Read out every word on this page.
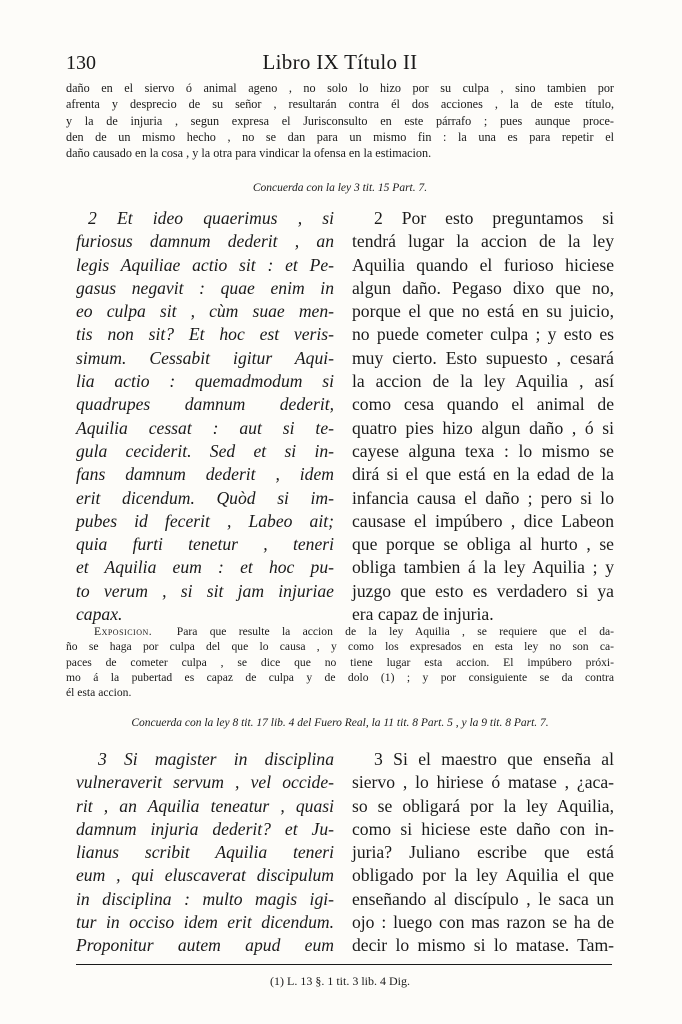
130	Libro IX Título II
daño en el siervo ó animal ageno , no solo lo hizo por su culpa , sino tambien por
afrenta y desprecio de su señor , resultarán contra él dos acciones , la de este título,
y la de injuria , segun expresa el Jurisconsulto en este párrafo ; pues aunque proce-
den de un mismo hecho , no se dan para un mismo fin : la una es para repetir el
daño causado en la cosa , y la otra para vindicar la ofensa en la estimacion.
Concuerda con la ley 3 tit. 15 Part. 7.
2 Et ideo quaerimus , si
furiosus damnum dederit , an
legis Aquiliae actio sit : et Pe-
gasus negavit : quae enim in
eo culpa sit , cùm suae men-
tis non sit? Et hoc est veris-
simum. Cessabit igitur Aqui-
lia actio : quemadmodum si
quadrupes damnum dederit,
Aquilia cessat : aut si te-
gula ceciderit. Sed et si in-
fans damnum dederit , idem
erit dicendum. Quòd si im-
pubes id fecerit , Labeo ait;
quia furti tenetur , teneri
et Aquilia eum : et hoc pu-
to verum , si sit jam injuriae
capax.
2 Por esto preguntamos si
tendrá lugar la accion de la ley
Aquilia quando el furioso hiciese
algun daño. Pegaso dixo que no,
porque el que no está en su juicio,
no puede cometer culpa ; y esto es
muy cierto. Esto supuesto , cesará
la accion de la ley Aquilia , así
como cesa quando el animal de
quatro pies hizo algun daño , ó si
cayese alguna texa : lo mismo se
dirá si el que está en la edad de la
infancia causa el daño ; pero si lo
causase el impúbero , dice Labeon
que porque se obliga al hurto , se
obliga tambien á la ley Aquilia ; y
juzgo que esto es verdadero si ya
era capaz de injuria.
Exposicion. Para que resulte la accion de la ley Aquilia , se requiere que el da-
ño se haga por culpa del que lo causa , y como los expresados en esta ley no son ca-
paces de cometer culpa , se dice que no tiene lugar esta accion. El impúbero próxi-
mo á la pubertad es capaz de culpa y de dolo (1) ; y por consiguiente se da contra
él esta accion.
Concuerda con la ley 8 tit. 17 lib. 4 del Fuero Real, la 11 tit. 8 Part. 5 , y la 9 tit. 8 Part. 7.
3 Si magister in disciplina
vulneraverit servum , vel occide-
rit , an Aquilia teneatur , quasi
damnum injuria dederit? et Ju-
lianus scribit Aquilia teneri
eum , qui eluscaverat discipulum
in disciplina : multo magis igi-
tur in occiso idem erit dicendum.
Proponitur autem apud eum
3 Si el maestro que enseña al
siervo , lo hiriese ó matase , ¿aca-
so se obligará por la ley Aquilia,
como si hiciese este daño con in-
juria? Juliano escribe que está
obligado por la ley Aquilia el que
enseñando al discípulo , le saca un
ojo : luego con mas razon se ha de
decir lo mismo si lo matase. Tam-
(1) L. 13 §. 1 tit. 3 lib. 4 Dig.
